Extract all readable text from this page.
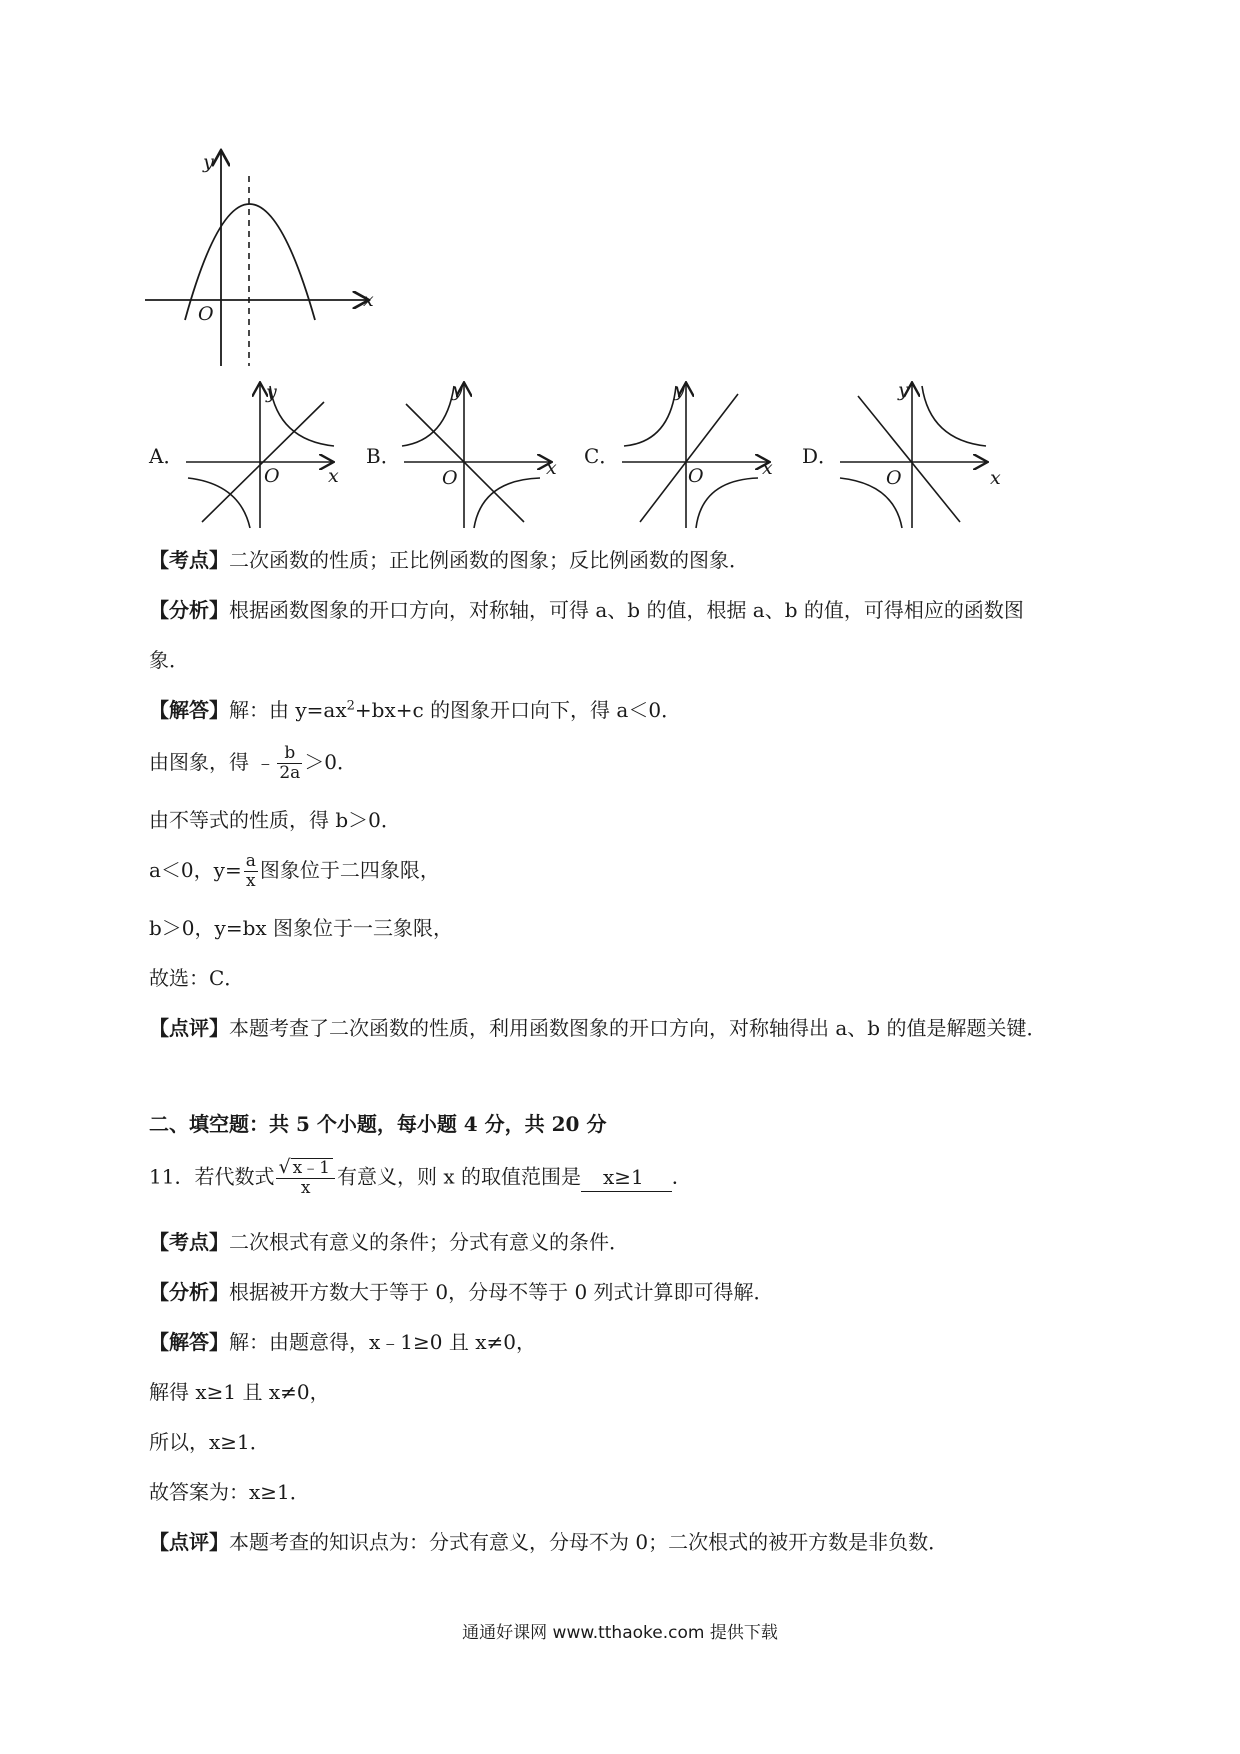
y
x
O
A．	B．	C．	D．
y
x
O
y
x
O
y
x
O
y
x
O
【考点】二次函数的性质；正比例函数的图象；反比例函数的图象．
【分析】根据函数图象的开口方向，对称轴，可得 a、b 的值，根据 a、b 的值，可得相应的函数图
象．
【解答】解：由 $y=ax^2+bx+c$ 的图象开口向下，得 a＜0．
由图象，得 ﹣ $\frac{b}{2a} >0$．
由不等式的性质，得 b＞0．
a＜0，$y= \frac{a}{x}$ 图象位于二四象限，
b＞0，y=bx 图象位于一三象限，
故选：C．
【点评】本题考查了二次函数的性质，利用函数图象的开口方向，对称轴得出 a、b 的值是解题关键．
二、填空题：共 5 个小题，每小题 4 分，共 20 分
11．若代数式 $\frac{√ x﹣1}{x}$ 有意义，则 x 的取值范围是 x≥1 ．
【考点】二次根式有意义的条件；分式有意义的条件．
【分析】根据被开方数大于等于 0，分母不等于 0 列式计算即可得解．
【解答】解：由题意得，x﹣1≥0 且 x≠0，
解得 x≥1 且 x≠0，
所以，x≥1．
故答案为：x≥1．
【点评】本题考查的知识点为：分式有意义，分母不为 0；二次根式的被开方数是非负数．
通通好课网 www.tthaoke.com 提供下载
